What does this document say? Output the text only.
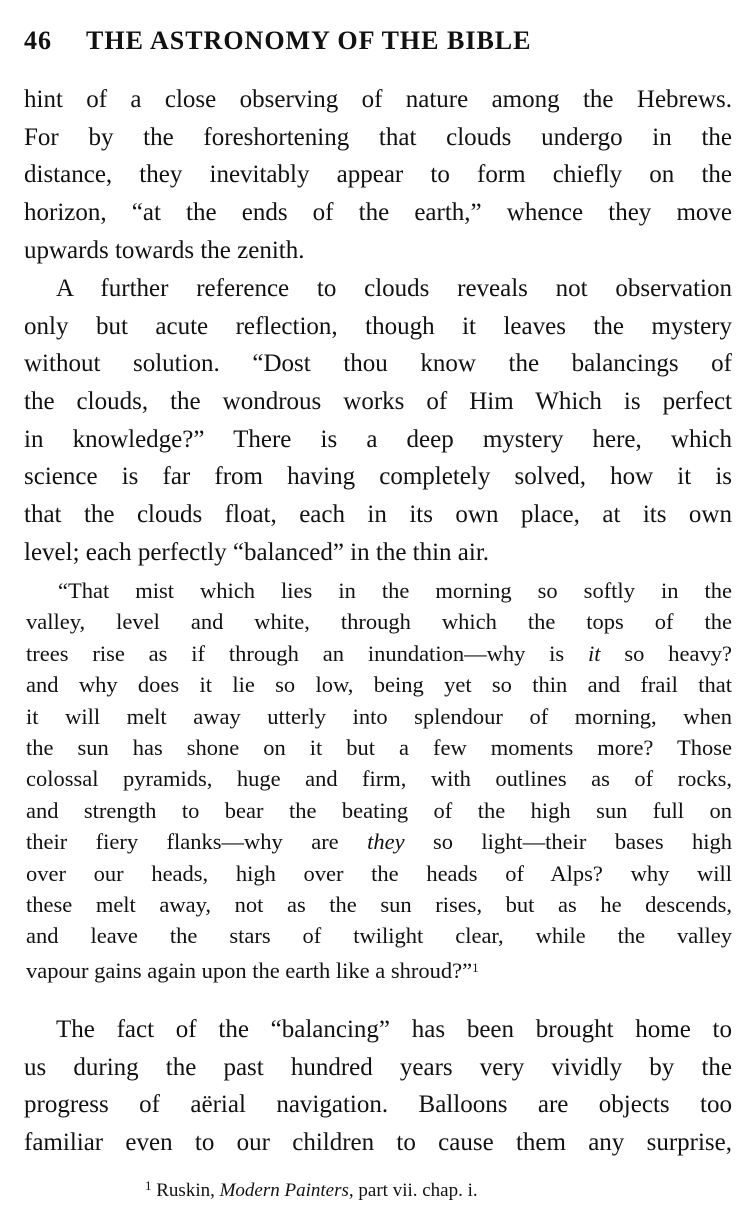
46 THE ASTRONOMY OF THE BIBLE
hint of a close observing of nature among the Hebrews.
For by the foreshortening that clouds undergo in the
distance, they inevitably appear to form chiefly on the
horizon, “at the ends of the earth,” whence they move
upwards towards the zenith.
A further reference to clouds reveals not observation
only but acute reflection, though it leaves the mystery
without solution. “Dost thou know the balancings of
the clouds, the wondrous works of Him Which is perfect
in knowledge?” There is a deep mystery here, which
science is far from having completely solved, how it is
that the clouds float, each in its own place, at its own
level; each perfectly “balanced” in the thin air.
“That mist which lies in the morning so softly in the
valley, level and white, through which the tops of the
trees rise as if through an inundation—why is it so heavy?
and why does it lie so low, being yet so thin and frail that
it will melt away utterly into splendour of morning, when
the sun has shone on it but a few moments more? Those
colossal pyramids, huge and firm, with outlines as of rocks,
and strength to bear the beating of the high sun full on
their fiery flanks—why are they so light—their bases high
over our heads, high over the heads of Alps? why will
these melt away, not as the sun rises, but as he descends,
and leave the stars of twilight clear, while the valley
vapour gains again upon the earth like a shroud?”$^1$
The fact of the “balancing” has been brought home to
us during the past hundred years very vividly by the
progress of aërial navigation. Balloons are objects too
familiar even to our children to cause them any surprise,
$^1$ Ruskin, Modern Painters, part vii. chap. i.
